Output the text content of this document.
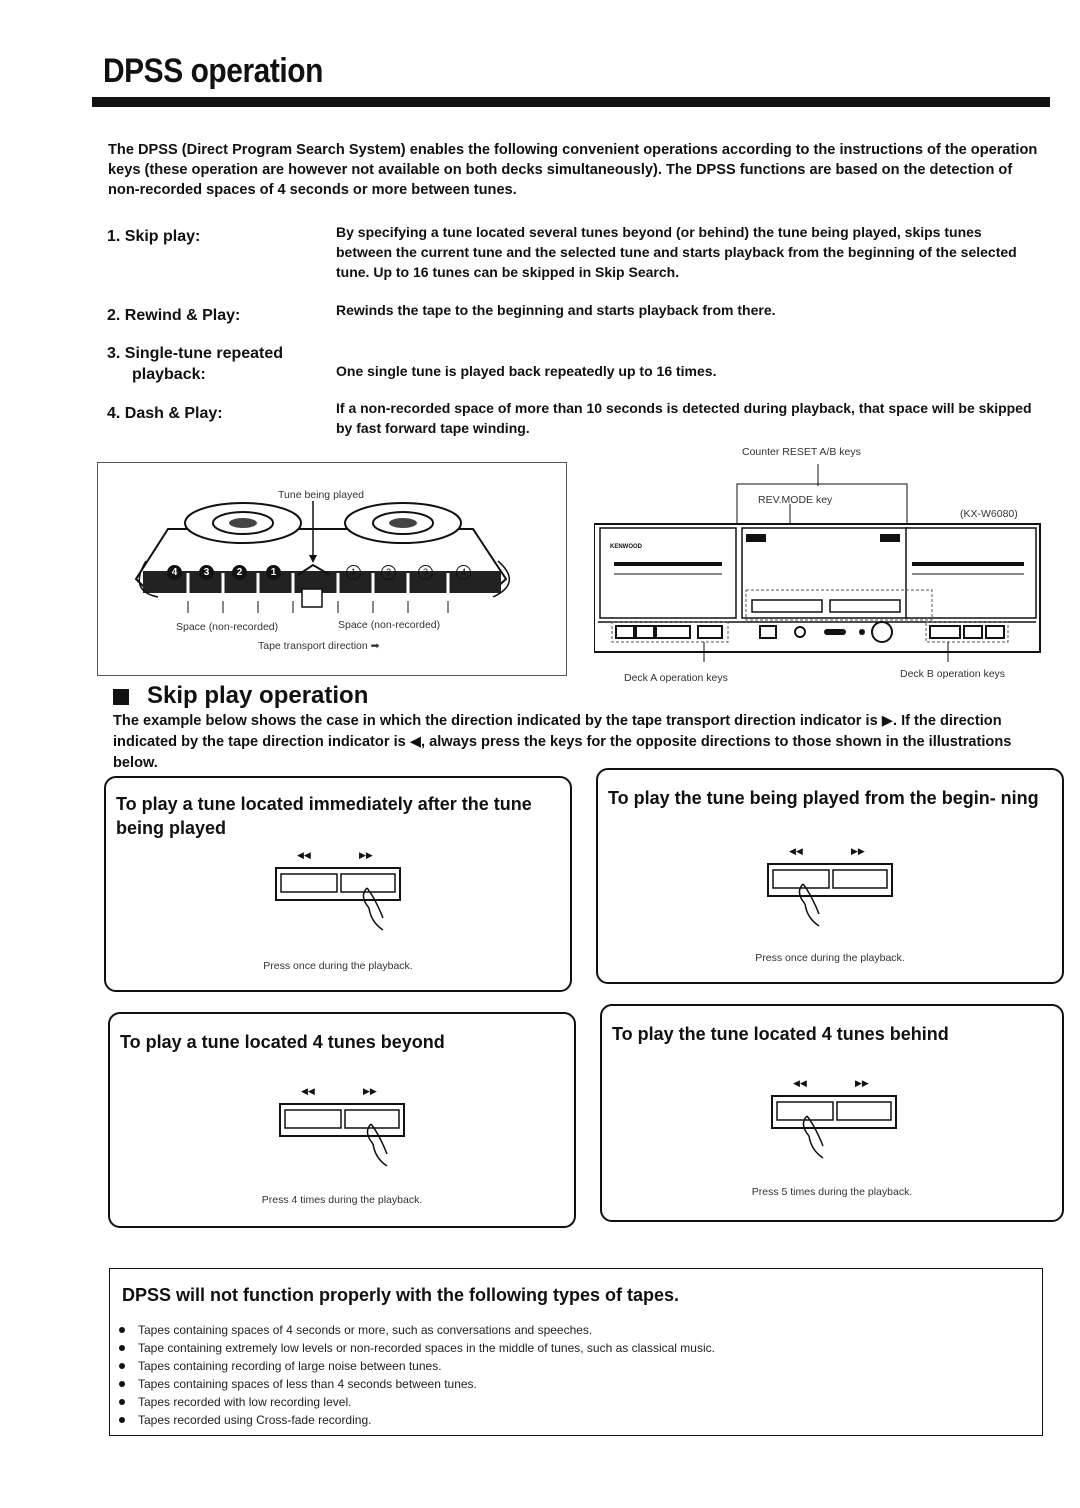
DPSS operation
The DPSS (Direct Program Search System) enables the following convenient operations according to the instructions of the operation keys (these operation are however not available on both decks simultaneously). The DPSS functions are based on the detection of non-recorded spaces of 4 seconds or more between tunes.
1. Skip play:	By specifying a tune located several tunes beyond (or behind) the tune being played, skips tunes between the current tune and the selected tune and starts playback from the beginning of the selected tune. Up to 16 tunes can be skipped in Skip Search.
2. Rewind & Play:	Rewinds the tape to the beginning and starts playback from there.
3. Single-tune repeated
playback:	One single tune is played back repeatedly up to 16 times.
4. Dash & Play:	If a non-recorded space of more than 10 seconds is detected during playback, that space will be skipped by fast forward tape winding.
4	3	2	1	1	2	3	4
Tune being played
Space (non-recorded)	Space (non-recorded)
Tape transport direction ➡
Counter RESET A/B keys
REV.MODE key
(KX-W6080)
KENWOOD
Deck A operation keys	Deck B operation keys
Skip play operation
The example below shows the case in which the direction indicated by the tape transport direction indicator is ▶. If the direction indicated by the tape direction indicator is ◀, always press the keys for the opposite directions to those shown in the illustrations below.
To play a tune located immediately after the tune being played
◀◀	▶▶
Press once during the playback.
To play the tune being played from the begin- ning
◀◀	▶▶
Press once during the playback.
To play a tune located 4 tunes beyond
◀◀	▶▶
Press 4 times during the playback.
To play the tune located 4 tunes behind
◀◀	▶▶
Press 5 times during the playback.
DPSS will not function properly with the following types of tapes.
Tapes containing spaces of 4 seconds or more, such as conversations and speeches.
Tape containing extremely low levels or non-recorded spaces in the middle of tunes, such as classical music.
Tapes containing recording of large noise between tunes.
Tapes containing spaces of less than 4 seconds between tunes.
Tapes recorded with low recording level.
Tapes recorded using Cross-fade recording.
